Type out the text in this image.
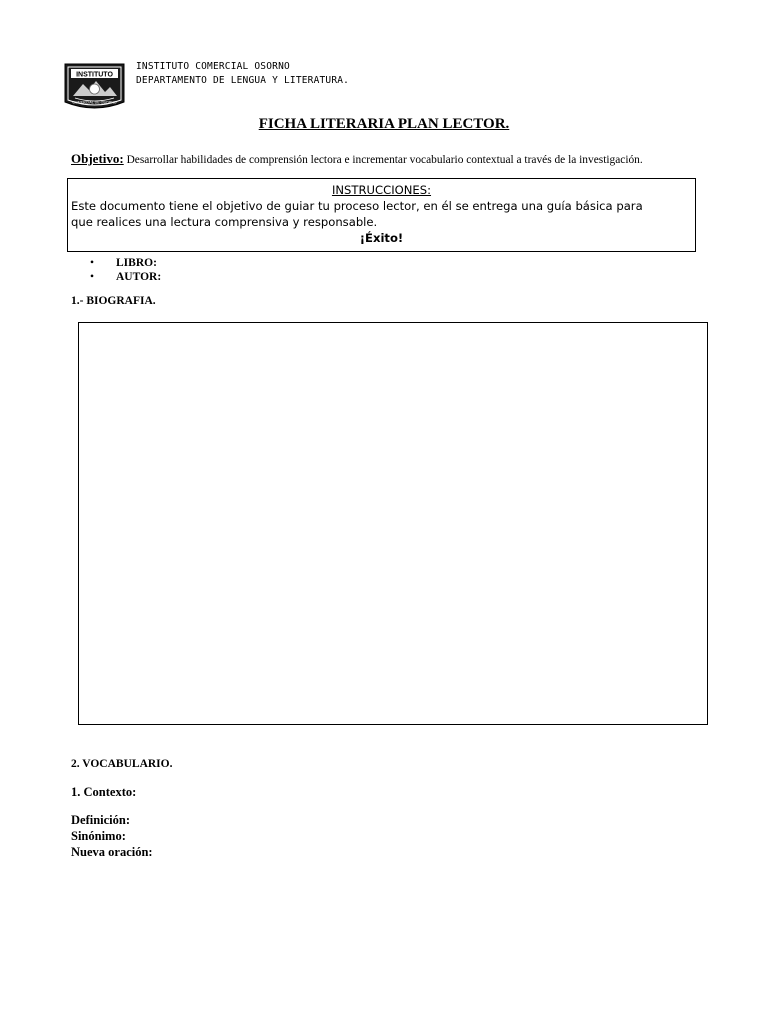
INSTITUTO
COMERCIAL DE OSORNO
INSTITUTO COMERCIAL OSORNO
DEPARTAMENTO DE LENGUA Y LITERATURA.
FICHA LITERARIA PLAN LECTOR.
Objetivo: Desarrollar habilidades de comprensión lectora e incrementar vocabulario contextual a través de la investigación.
INSTRUCCIONES:
Este documento tiene el objetivo de guiar tu proceso lector, en él se entrega una guía básica para
que realices una lectura comprensiva y responsable.
¡Éxito!
• LIBRO:
• AUTOR:
1.- BIOGRAFIA.
2. VOCABULARIO.
1. Contexto:
Definición:
Sinónimo:
Nueva oración:
